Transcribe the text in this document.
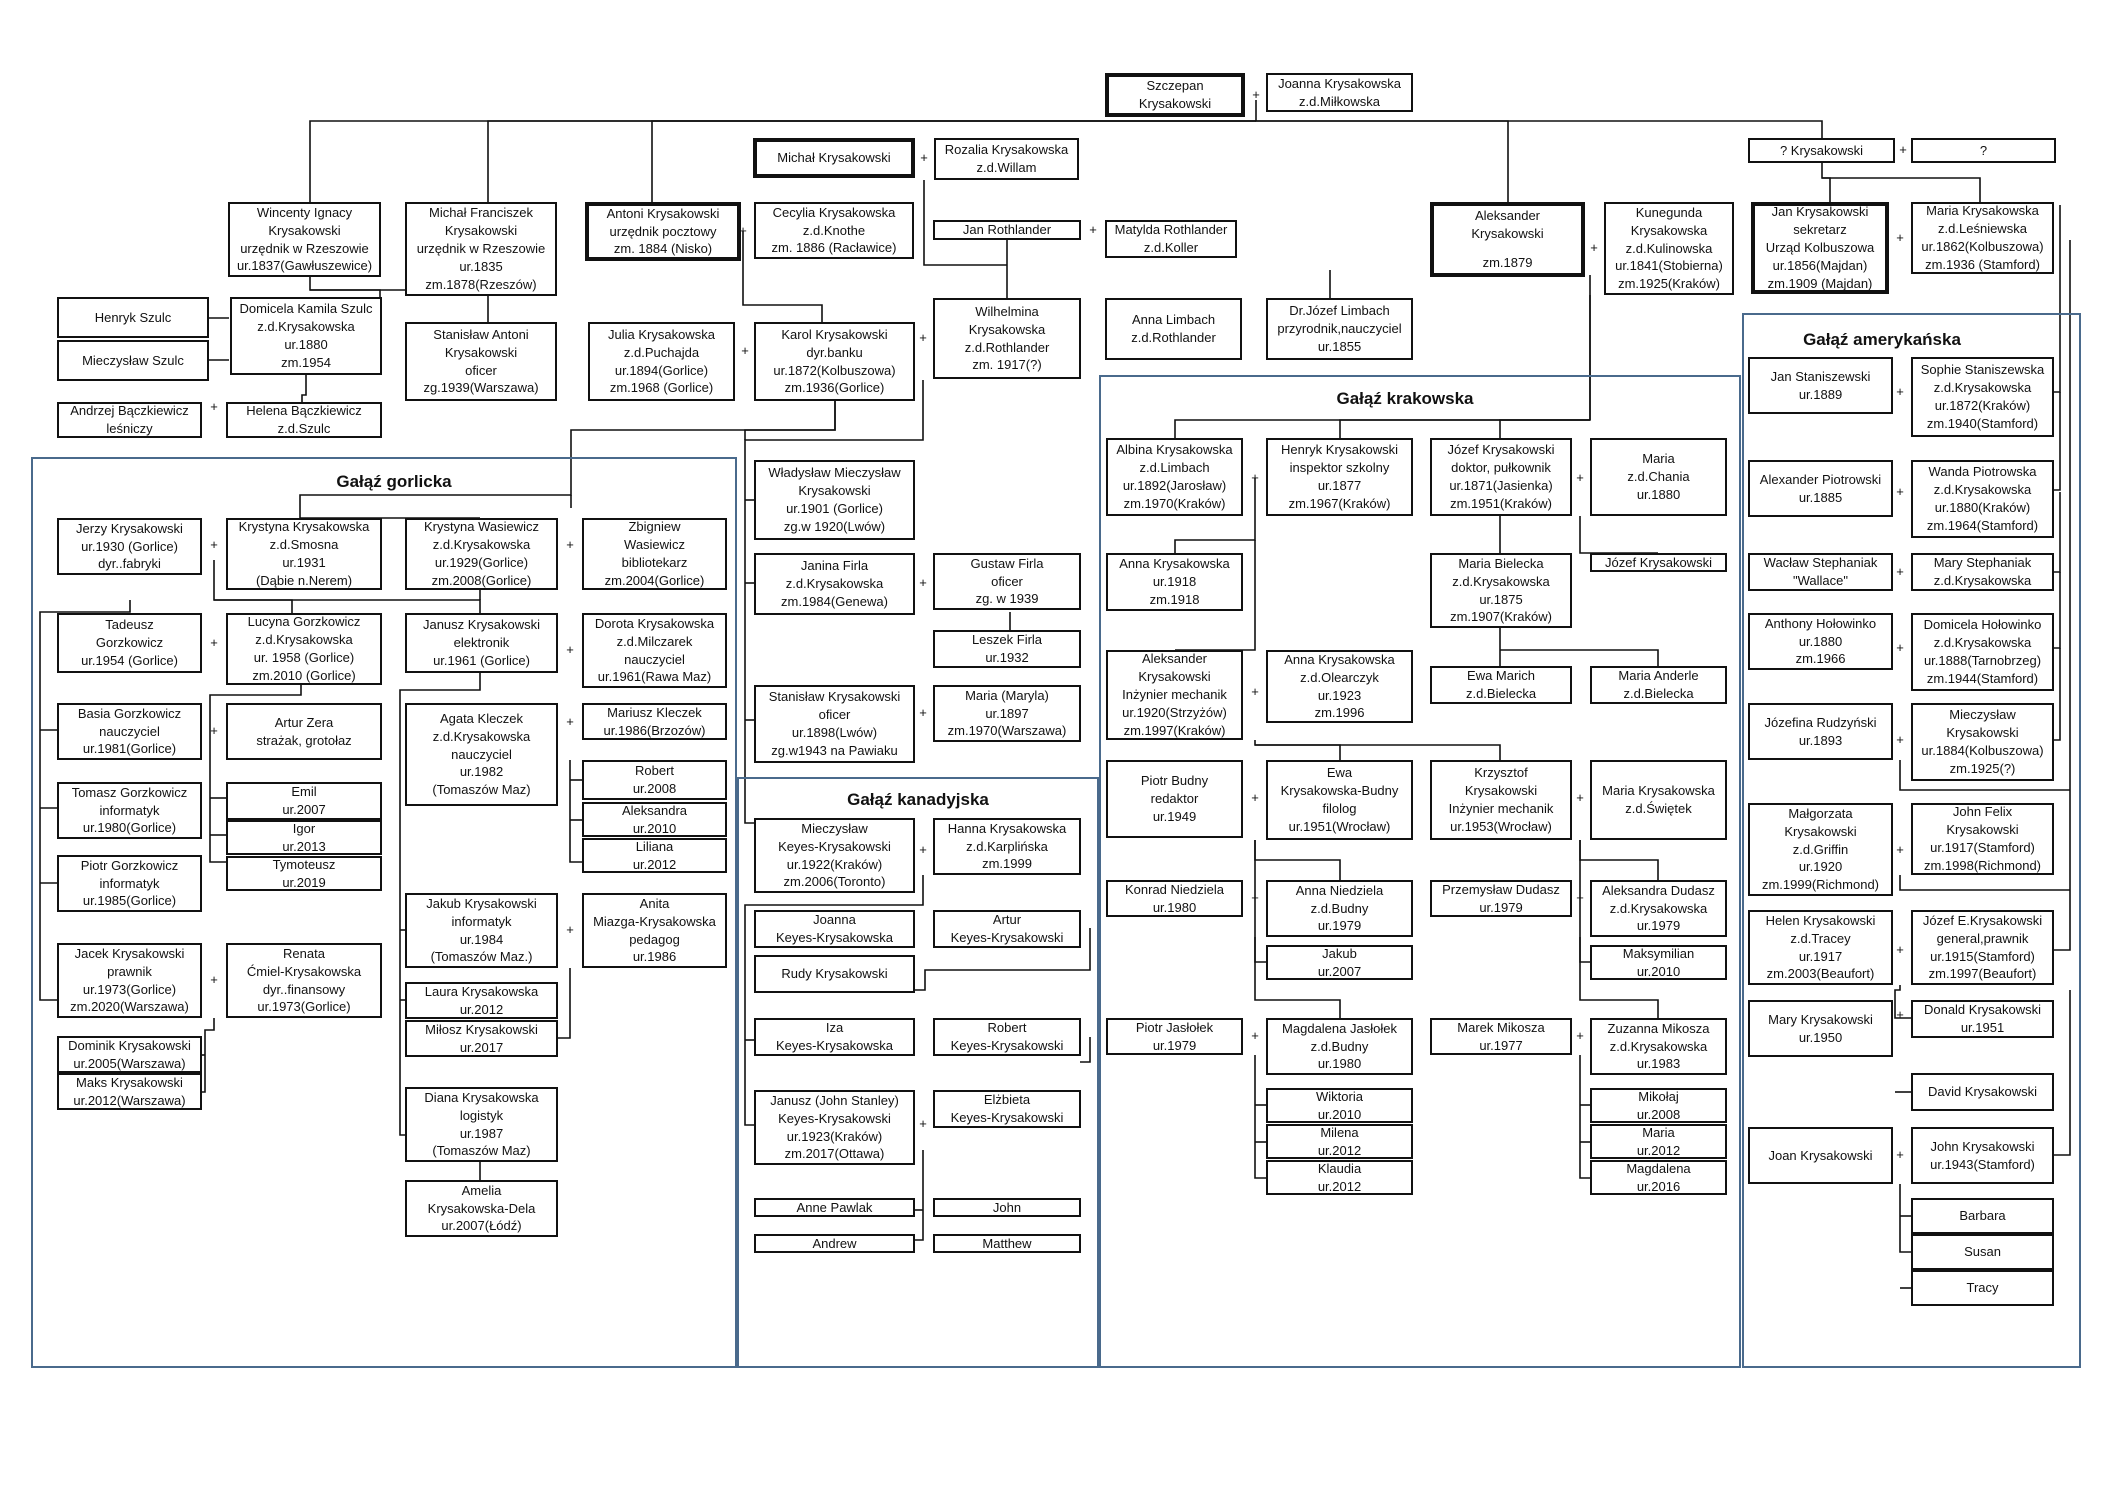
Gałąź gorlicka
Gałąź kanadyjska
Gałąź krakowska
Gałąź amerykańska
Szczepan
Krysakowski
Joanna Krysakowska
z.d.Miłkowska
Michał Krysakowski
Rozalia Krysakowska
z.d.Willam
? Krysakowski	?
Wincenty Ignacy
Krysakowski
urzędnik w Rzeszowie
ur.1837(Gawłuszewice)
Michał Franciszek
Krysakowski
urzędnik w Rzeszowie
ur.1835
zm.1878(Rzeszów)
Antoni Krysakowski
urzędnik pocztowy
zm. 1884 (Nisko)
Cecylia Krysakowska
z.d.Knothe
zm. 1886 (Racławice)
Jan Rothlander	Matylda Rothlander
z.d.Koller
Aleksander
Krysakowski
zm.1879
Kunegunda
Krysakowska
z.d.Kulinowska
ur.1841(Stobierna)
zm.1925(Kraków)
Jan Krysakowski
sekretarz
Urząd Kolbuszowa
ur.1856(Majdan)
zm.1909 (Majdan)
Maria Krysakowska
z.d.Leśniewska
ur.1862(Kolbuszowa)
zm.1936 (Stamford)
Henryk Szulc
Mieczysław Szulc
Domicela Kamila Szulc
z.d.Krysakowska
ur.1880
zm.1954
Stanisław Antoni
Krysakowski
oficer
zg.1939(Warszawa)
Julia Krysakowska
z.d.Puchajda
ur.1894(Gorlice)
zm.1968 (Gorlice)
Karol Krysakowski
dyr.banku
ur.1872(Kolbuszowa)
zm.1936(Gorlice)
Wilhelmina
Krysakowska
z.d.Rothlander
zm. 1917(?)
Anna Limbach
z.d.Rothlander
Dr.Józef Limbach
przyrodnik,nauczyciel
ur.1855
Andrzej Bączkiewicz
leśniczy
Helena Bączkiewicz
z.d.Szulc
Jerzy Krysakowski
ur.1930 (Gorlice)
dyr..fabryki
Krystyna Krysakowska
z.d.Smosna
ur.1931
(Dąbie n.Nerem)
Krystyna Wasiewicz
z.d.Krysakowska
ur.1929(Gorlice)
zm.2008(Gorlice)
Zbigniew
Wasiewicz
bibliotekarz
zm.2004(Gorlice)
Tadeusz
Gorzkowicz
ur.1954 (Gorlice)
Lucyna Gorzkowicz
z.d.Krysakowska
ur. 1958 (Gorlice)
zm.2010 (Gorlice)
Janusz Krysakowski
elektronik
ur.1961 (Gorlice)
Dorota Krysakowska
z.d.Milczarek
nauczyciel
ur.1961(Rawa Maz)
Basia Gorzkowicz
nauczyciel
ur.1981(Gorlice)
Artur Zera
strażak, grotołaz
Agata Kleczek
z.d.Krysakowska
nauczyciel
ur.1982
(Tomaszów Maz)
Mariusz Kleczek
ur.1986(Brzozów)
Tomasz Gorzkowicz
informatyk
ur.1980(Gorlice)
Emil
ur.2007
Igor
ur.2013
Tymoteusz
ur.2019
Robert
ur.2008
Aleksandra
ur.2010
Liliana
ur.2012
Piotr Gorzkowicz
informatyk
ur.1985(Gorlice)	Jakub Krysakowski
informatyk
ur.1984
(Tomaszów Maz.)
Anita
Miazga-Krysakowska
pedagog
ur.1986
Laura Krysakowska
ur.2012
Miłosz Krysakowski
ur.2017
Jacek Krysakowski
prawnik
ur.1973(Gorlice)
zm.2020(Warszawa)
Renata
Ćmiel-Krysakowska
dyr..finansowy
ur.1973(Gorlice)
Dominik Krysakowski
ur.2005(Warszawa)
Maks Krysakowski
ur.2012(Warszawa)	Diana Krysakowska
logistyk
ur.1987
(Tomaszów Maz)
Amelia
Krysakowska-Dela
ur.2007(Łódź)
Władysław Mieczysław
Krysakowski
ur.1901 (Gorlice)
zg.w 1920(Lwów)
Janina Firla
z.d.Krysakowska
zm.1984(Genewa)
Gustaw Firla
oficer
zg. w 1939
Leszek Firla
ur.1932
Stanisław Krysakowski
oficer
ur.1898(Lwów)
zg.w1943 na Pawiaku
Maria (Maryla)
ur.1897
zm.1970(Warszawa)
Mieczysław
Keyes-Krysakowski
ur.1922(Kraków)
zm.2006(Toronto)
Hanna Krysakowska
z.d.Karplińska
zm.1999
Joanna
Keyes-Krysakowska
Artur
Keyes-Krysakowski
Rudy Krysakowski
Iza
Keyes-Krysakowska
Robert
Keyes-Krysakowski
Janusz (John Stanley)
Keyes-Krysakowski
ur.1923(Kraków)
zm.2017(Ottawa)
Elżbieta
Keyes-Krysakowski
Anne Pawlak	John
Andrew	Matthew
Albina Krysakowska
z.d.Limbach
ur.1892(Jarosław)
zm.1970(Kraków)
Henryk Krysakowski
inspektor szkolny
ur.1877
zm.1967(Kraków)
Józef Krysakowski
doktor, pułkownik
ur.1871(Jasienka)
zm.1951(Kraków)
Maria
z.d.Chania
ur.1880
Anna Krysakowska
ur.1918
zm.1918
Maria Bielecka
z.d.Krysakowska
ur.1875
zm.1907(Kraków)
Józef Krysakowski
Aleksander
Krysakowski
Inżynier mechanik
ur.1920(Strzyżów)
zm.1997(Kraków)
Anna Krysakowska
z.d.Olearczyk
ur.1923
zm.1996
Ewa Marich
z.d.Bielecka
Maria Anderle
z.d.Bielecka
Piotr Budny
redaktor
ur.1949
Ewa
Krysakowska-Budny
filolog
ur.1951(Wrocław)
Krzysztof
Krysakowski
Inżynier mechanik
ur.1953(Wrocław)
Maria Krysakowska
z.d.Świętek
Konrad Niedziela
ur.1980
Anna Niedziela
z.d.Budny
ur.1979
Przemysław Dudasz
ur.1979
Aleksandra Dudasz
z.d.Krysakowska
ur.1979
Jakub
ur.2007
Maksymilian
ur.2010
Piotr Jasłołek
ur.1979
Magdalena Jasłołek
z.d.Budny
ur.1980
Marek Mikosza
ur.1977
Zuzanna Mikosza
z.d.Krysakowska
ur.1983
Wiktoria
ur.2010
Milena
ur.2012
Klaudia
ur.2012
Mikołaj
ur.2008
Maria
ur.2012
Magdalena
ur.2016
Jan Staniszewski
ur.1889
Sophie Staniszewska
z.d.Krysakowska
ur.1872(Kraków)
zm.1940(Stamford)
Alexander Piotrowski
ur.1885
Wanda Piotrowska
z.d.Krysakowska
ur.1880(Kraków)
zm.1964(Stamford)
Wacław Stephaniak
"Wallace"
Mary Stephaniak
z.d.Krysakowska
Anthony Hołowinko
ur.1880
zm.1966
Domicela Hołowinko
z.d.Krysakowska
ur.1888(Tarnobrzeg)
zm.1944(Stamford)
Józefina Rudzyński
ur.1893
Mieczysław
Krysakowski
ur.1884(Kolbuszowa)
zm.1925(?)
Małgorzata
Krysakowski
z.d.Griffin
ur.1920
zm.1999(Richmond)
John Felix
Krysakowski
ur.1917(Stamford)
zm.1998(Richmond)
Helen Krysakowski
z.d.Tracey
ur.1917
zm.2003(Beaufort)
Józef E.Krysakowski
general,prawnik
ur.1915(Stamford)
zm.1997(Beaufort)
Mary Krysakowski
ur.1950
Donald Krysakowski
ur.1951
David Krysakowski
Joan Krysakowski
John Krysakowski
ur.1943(Stamford)
Barbara
Susan
Tracy
+
+
+
+	+
+
+
+
+
+
+	+
+	+
+
+
+
+
+
+
+
+
+	+
+
+	+
+	+
+	+
+
+
+
+
+
+
+
+
+
